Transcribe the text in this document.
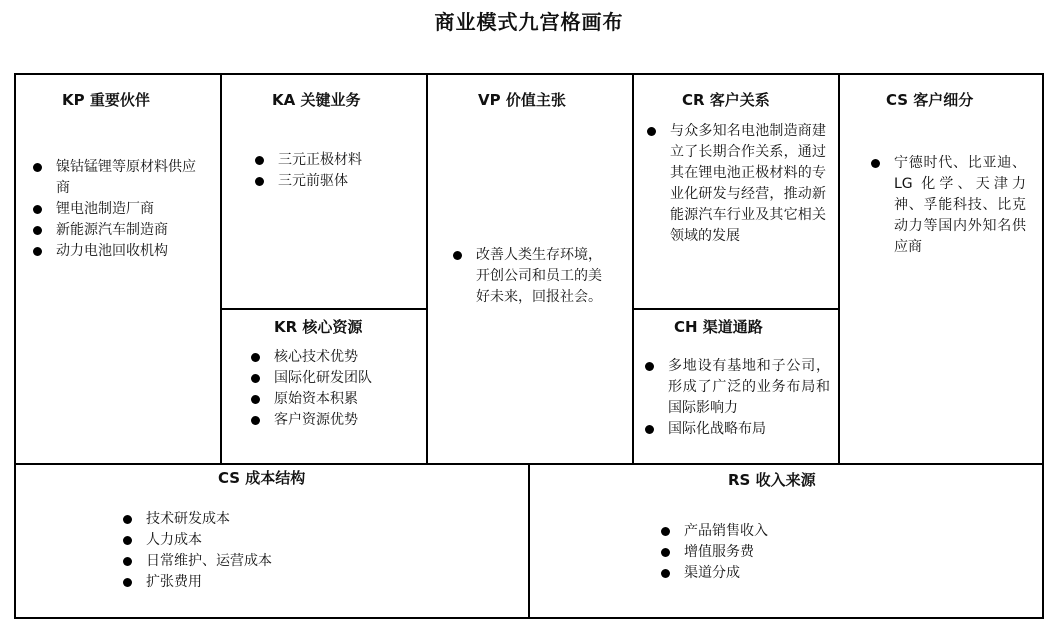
商业模式九宫格画布
KP 重要伙伴
镍钴锰锂等原材料供应商
锂电池制造厂商
新能源汽车制造商
动力电池回收机构
KA 关键业务
三元正极材料
三元前驱体
KR 核心资源
核心技术优势
国际化研发团队
原始资本积累
客户资源优势
VP 价值主张
改善人类生存环境，开创公司和员工的美好未来，回报社会。
CR 客户关系
与众多知名电池制造商建立了长期合作关系，通过其在锂电池正极材料的专业化研发与经营，推动新能源汽车行业及其它相关领域的发展
CH 渠道通路
多地设有基地和子公司，形成了广泛的业务布局和国际影响力
国际化战略布局
CS 客户细分
宁德时代、比亚迪、LG 化学、天津力神、孚能科技、比克动力等国内外知名供应商
CS 成本结构
技术研发成本
人力成本
日常维护、运营成本
扩张费用
RS 收入来源
产品销售收入
增值服务费
渠道分成
